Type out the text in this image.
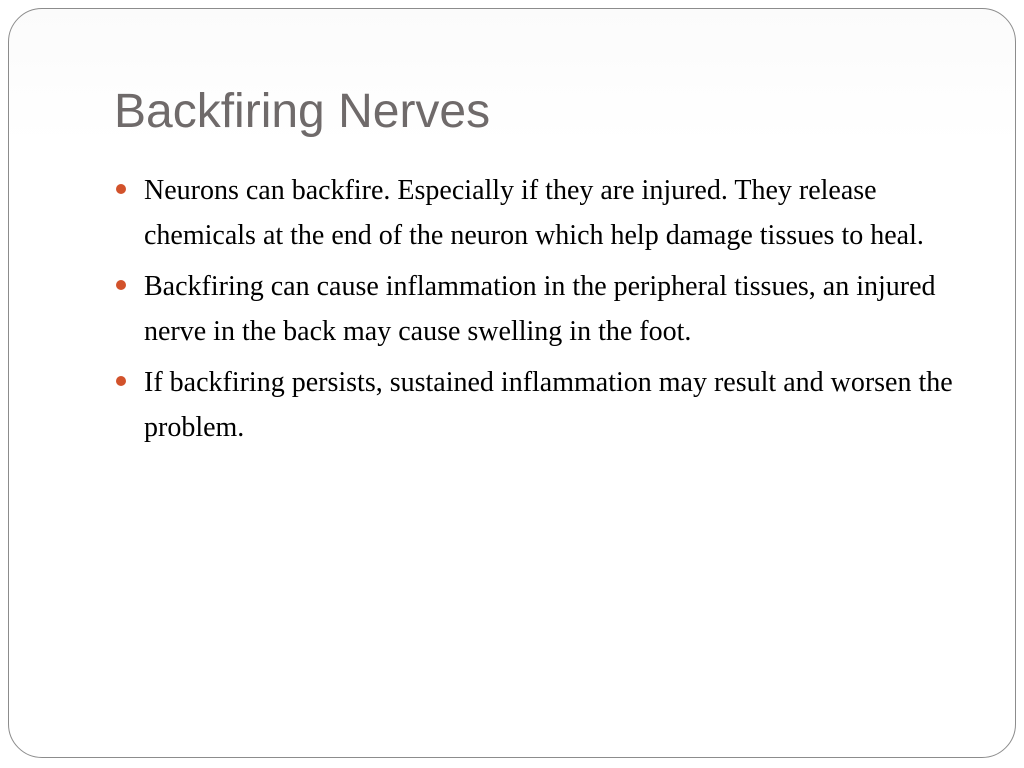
Backfiring Nerves
Neurons can backfire. Especially if they are injured. They release chemicals at the end of the neuron which help damage tissues to heal.
Backfiring can cause inflammation in the peripheral tissues, an injured nerve in the back may cause swelling in the foot.
If backfiring persists, sustained inflammation may result and worsen the problem.
